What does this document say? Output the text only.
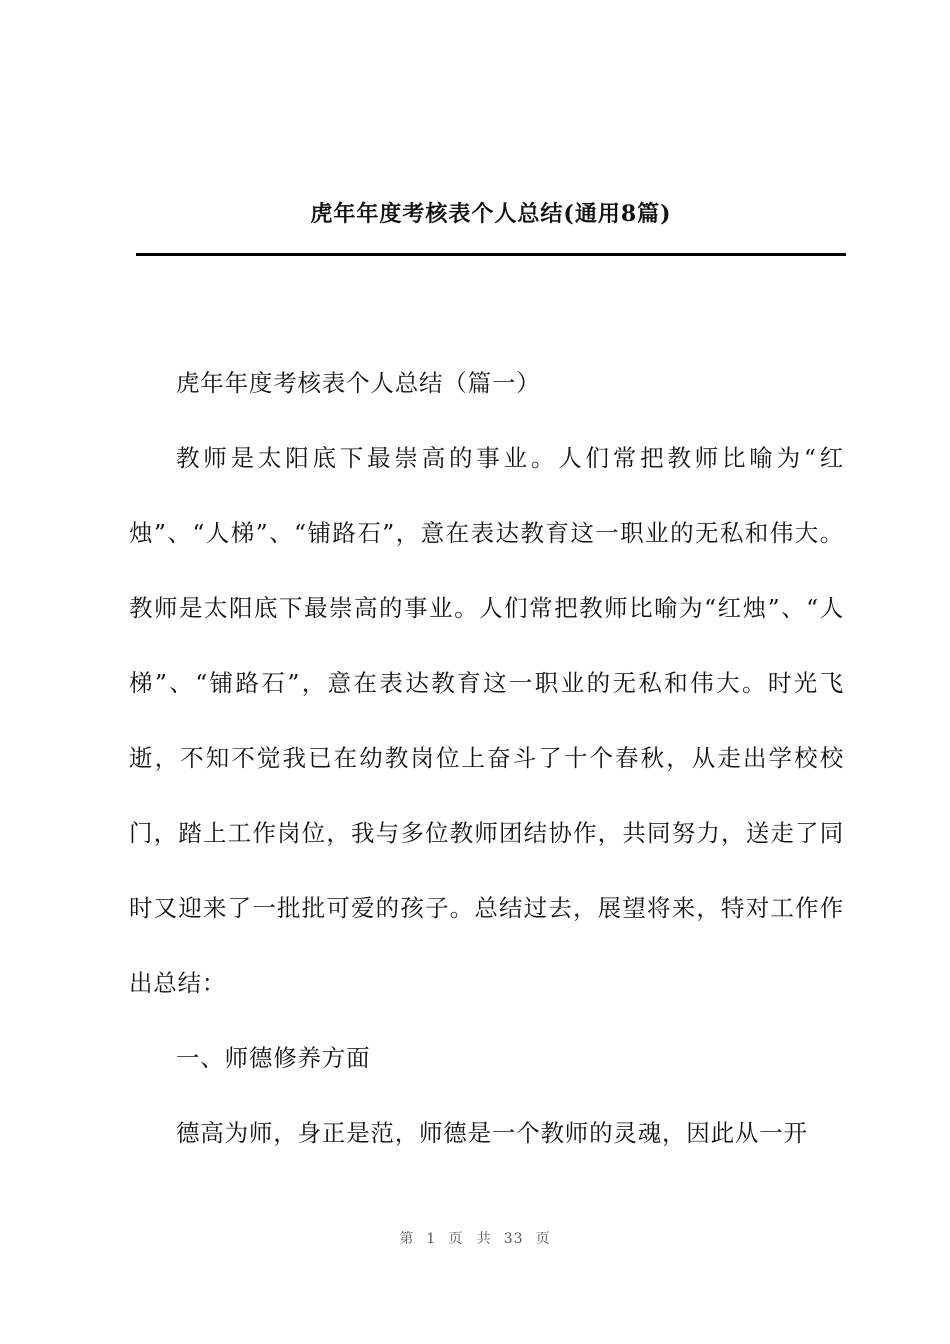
虎年年度考核表个人总结(通用8篇)

虎年年度考核表个人总结（篇一）

教师是太阳底下最崇高的事业。人们常把教师比喻为“红烛”、“人梯”、“铺路石”，意在表达教育这一职业的无私和伟大。教师是太阳底下最崇高的事业。人们常把教师比喻为“红烛”、“人梯”、“铺路石”，意在表达教育这一职业的无私和伟大。时光飞逝，不知不觉我已在幼教岗位上奋斗了十个春秋，从走出学校校门，踏上工作岗位，我与多位教师团结协作，共同努力，送走了同时又迎来了一批批可爱的孩子。总结过去，展望将来，特对工作作出总结：

一、师德修养方面

德高为师，身正是范，师德是一个教师的灵魂，因此从一开

第 1 页 共 33 页
